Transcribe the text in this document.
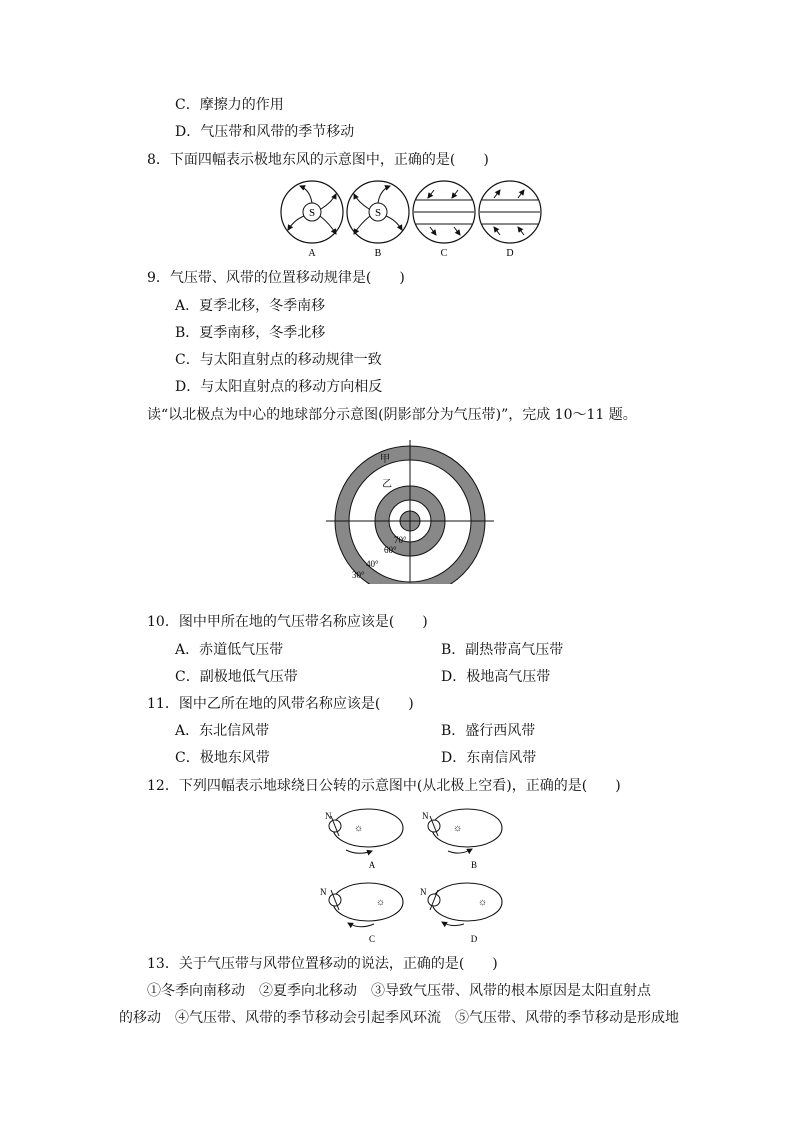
C．摩擦力的作用
D．气压带和风带的季节移动
8．下面四幅表示极地东风的示意图中，正确的是(　　)
S
A
S
B	C	D
9．气压带、风带的位置移动规律是(　　)
A．夏季北移，冬季南移
B．夏季南移，冬季北移
C．与太阳直射点的移动规律一致
D．与太阳直射点的移动方向相反
读“以北极点为中心的地球部分示意图(阴影部分为气压带)”，完成 10～11 题。
甲
乙
70°
60°
40°
30°
10．图中甲所在地的气压带名称应该是(　　)
A．赤道低气压带	B．副热带高气压带
C．副极地低气压带	D．极地高气压带
11．图中乙所在地的风带名称应该是(　　)
A．东北信风带	B．盛行西风带
C．极地东风带	D．东南信风带
12．下列四幅表示地球绕日公转的示意图中(从北极上空看)，正确的是(　　)
N
☼
A
N
☼
B
N
☼
C
N
☼
D
13．关于气压带与风带位置移动的说法，正确的是(　　)
①冬季向南移动　②夏季向北移动　③导致气压带、风带的根本原因是太阳直射点
的移动　④气压带、风带的季节移动会引起季风环流　⑤气压带、风带的季节移动是形成地
